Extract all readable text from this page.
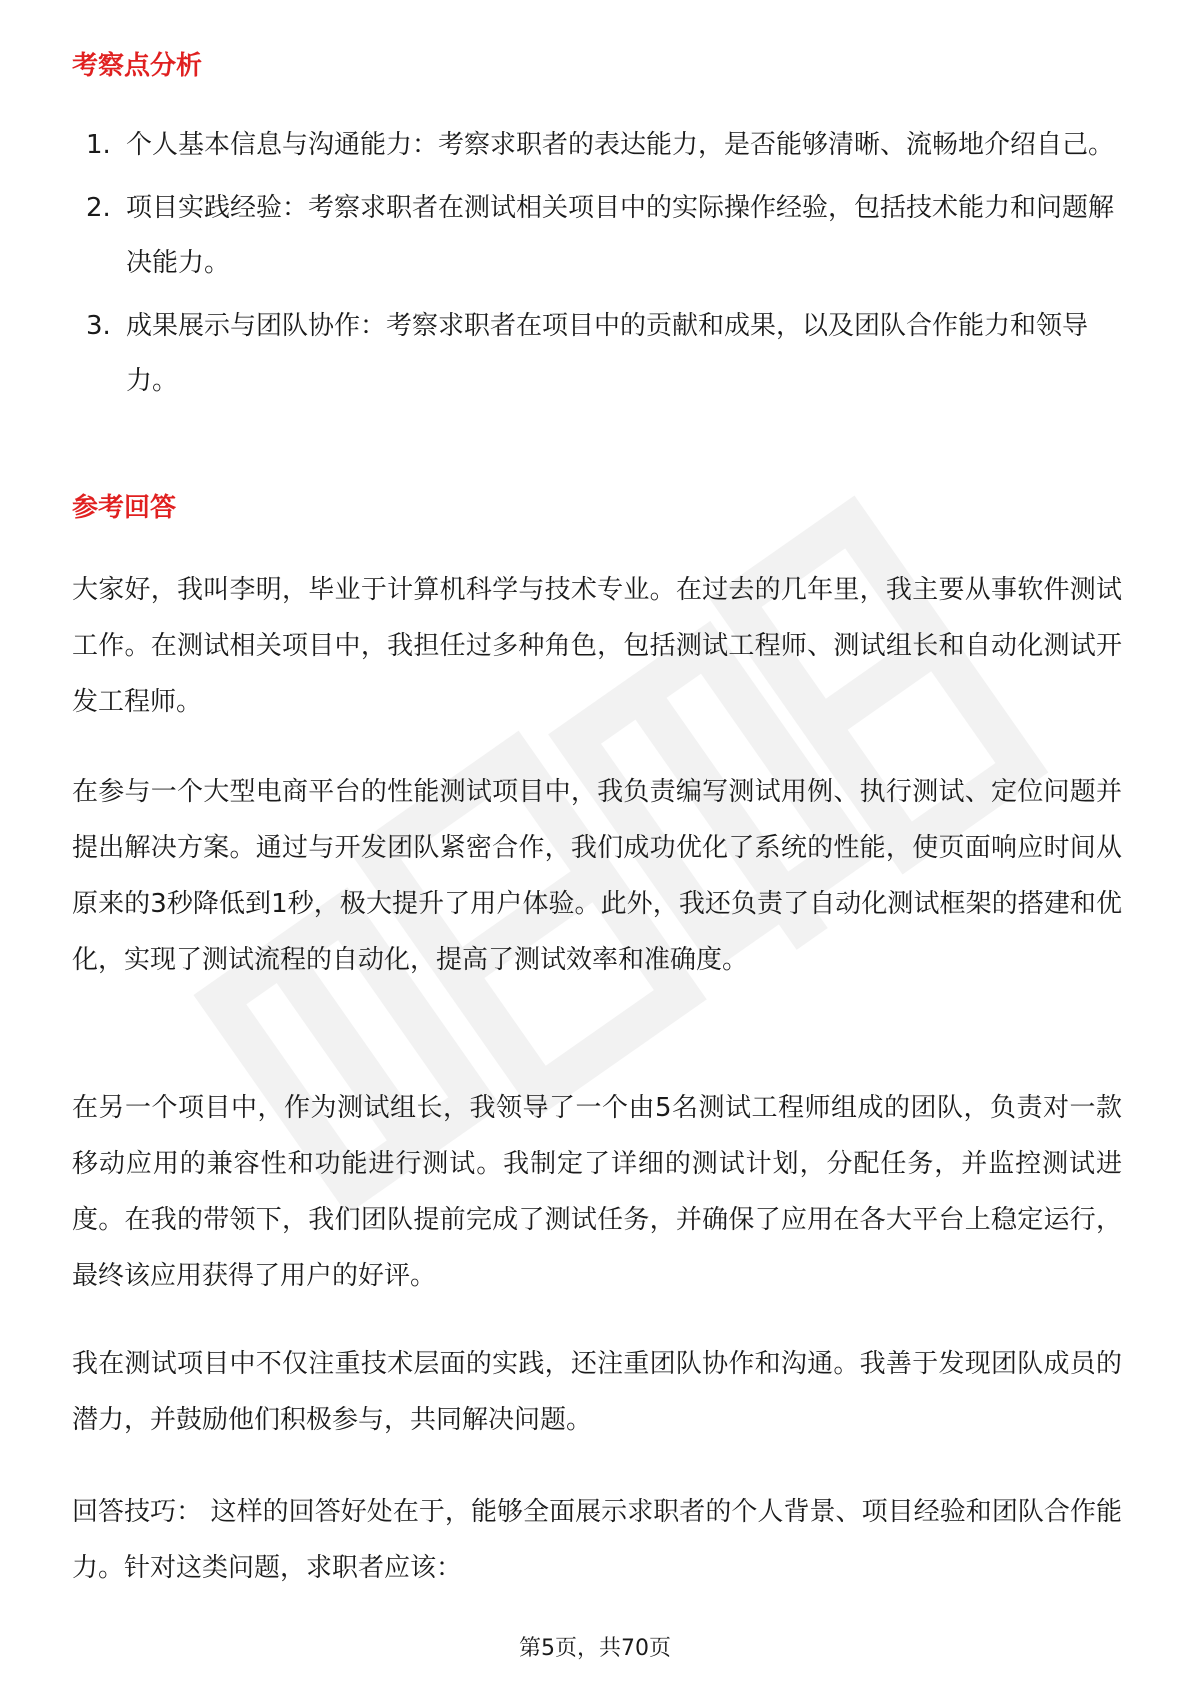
考察点分析
1. 个人基本信息与沟通能力：考察求职者的表达能力，是否能够清晰、流畅地介绍自己。
2. 项目实践经验：考察求职者在测试相关项目中的实际操作经验，包括技术能力和问题解决能力。
3. 成果展示与团队协作：考察求职者在项目中的贡献和成果，以及团队合作能力和领导力。
参考回答

大家好，我叫李明，毕业于计算机科学与技术专业。在过去的几年里，我主要从事软件测试工作。在测试相关项目中，我担任过多种角色，包括测试工程师、测试组长和自动化测试开发工程师。

在参与一个大型电商平台的性能测试项目中，我负责编写测试用例、执行测试、定位问题并提出解决方案。通过与开发团队紧密合作，我们成功优化了系统的性能，使页面响应时间从原来的3秒降低到1秒，极大提升了用户体验。此外，我还负责了自动化测试框架的搭建和优化，实现了测试流程的自动化，提高了测试效率和准确度。

在另一个项目中，作为测试组长，我领导了一个由5名测试工程师组成的团队，负责对一款移动应用的兼容性和功能进行测试。我制定了详细的测试计划，分配任务，并监控测试进度。在我的带领下，我们团队提前完成了测试任务，并确保了应用在各大平台上稳定运行，最终该应用获得了用户的好评。

我在测试项目中不仅注重技术层面的实践，还注重团队协作和沟通。我善于发现团队成员的潜力，并鼓励他们积极参与，共同解决问题。

回答技巧： 这样的回答好处在于，能够全面展示求职者的个人背景、项目经验和团队合作能力。针对这类问题，求职者应该：

第5页，共70页
